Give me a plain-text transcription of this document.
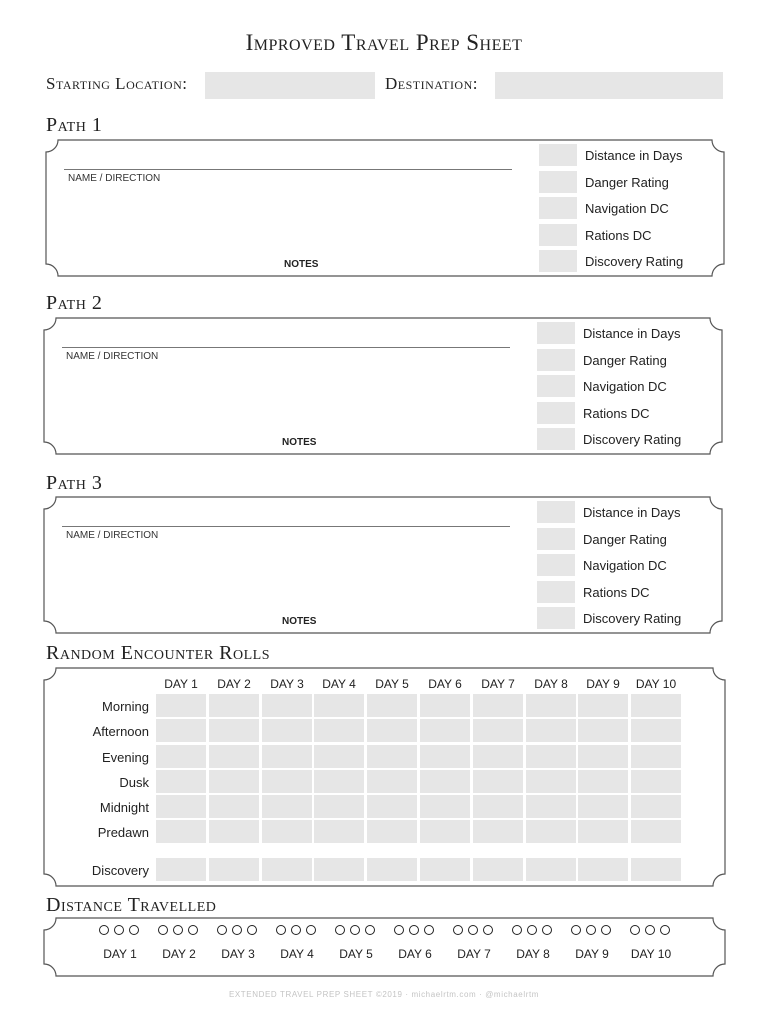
Improved Travel Prep Sheet
Starting Location:	Destination:
Path 1
NAME / DIRECTION
NOTES
Distance in Days
Danger Rating
Navigation DC
Rations DC
Discovery Rating
Path 2
NAME / DIRECTION
NOTES
Distance in Days
Danger Rating
Navigation DC
Rations DC
Discovery Rating
Path 3
NAME / DIRECTION
NOTES
Distance in Days
Danger Rating
Navigation DC
Rations DC
Discovery Rating
Random Encounter Rolls
DAY 1	DAY 2	DAY 3	DAY 4	DAY 5	DAY 6	DAY 7	DAY 8	DAY 9	DAY 10
Morning
Afternoon
Evening
Dusk
Midnight
Predawn
Discovery
Distance Travelled
DAY 1	DAY 2	DAY 3	DAY 4	DAY 5	DAY 6	DAY 7	DAY 8	DAY 9	DAY 10
EXTENDED TRAVEL PREP SHEET ©2019 · michaelrtm.com · @michaelrtm
